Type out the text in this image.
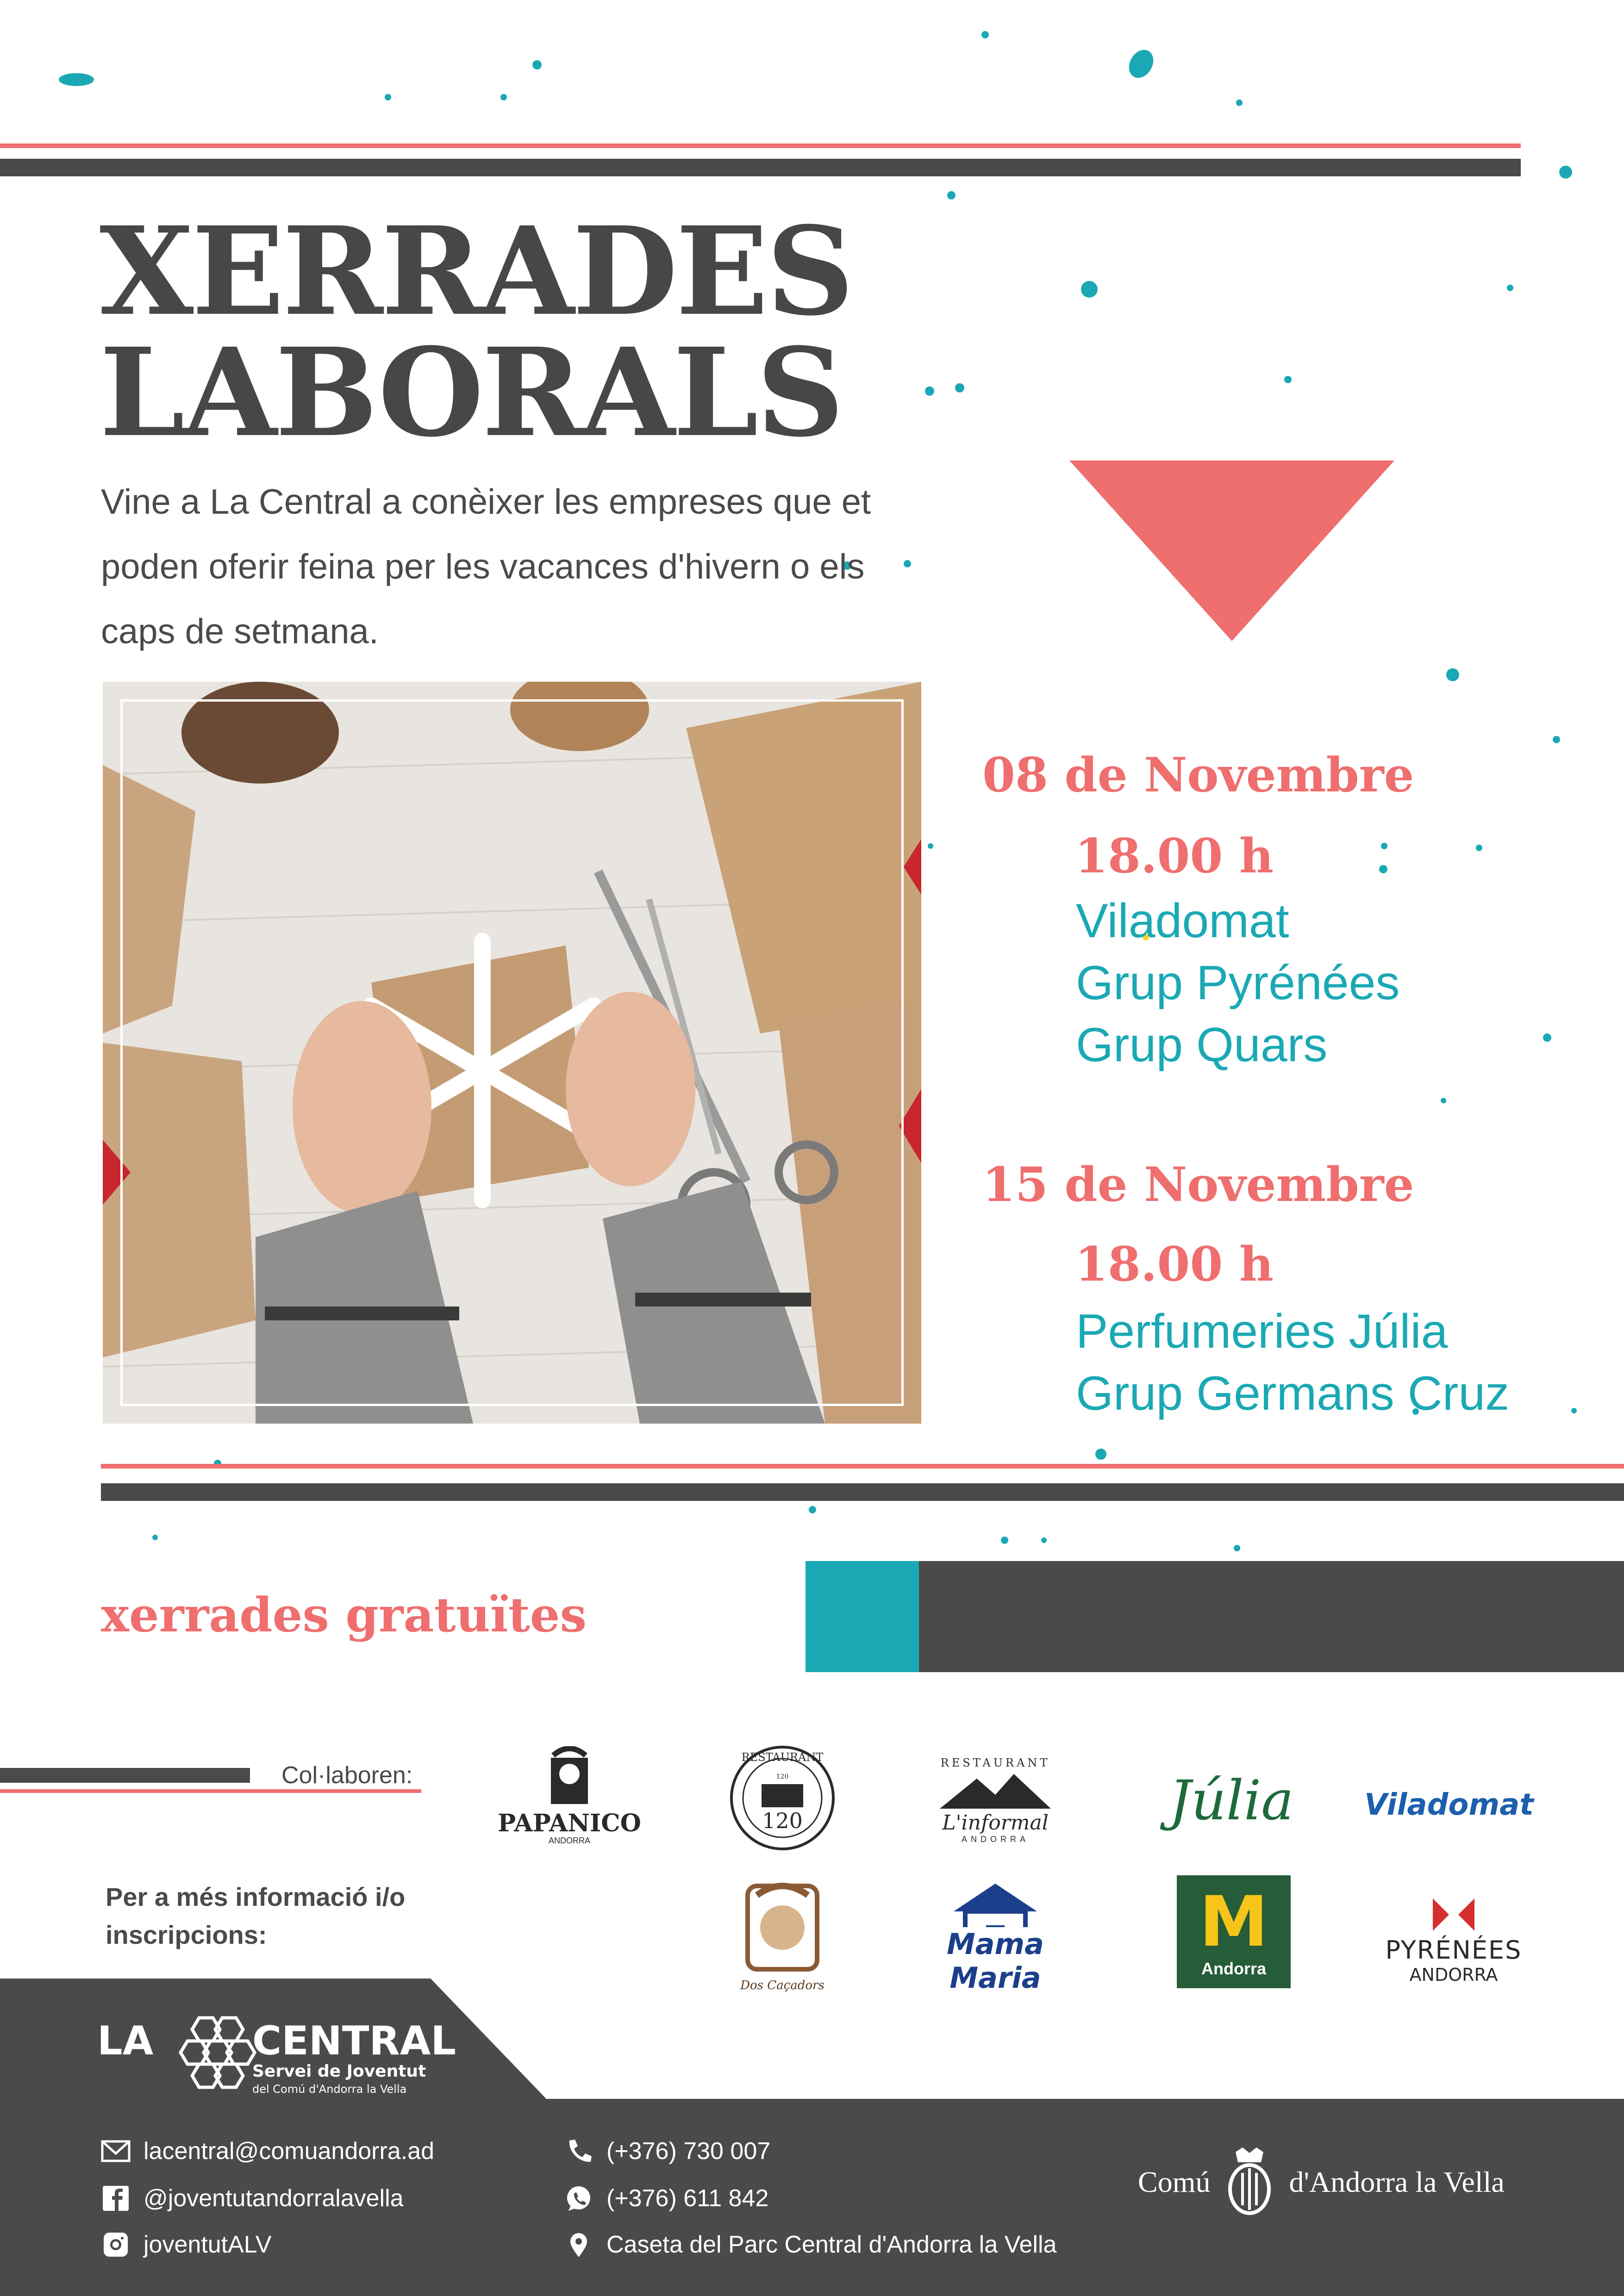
XERRADES
LABORALS
Vine a La Central a conèixer les empreses que et poden oferir feina per les vacances d'hivern o els caps de setmana.
08 de Novembre
18.00 h
Viladomat
Grup Pyrénées
Grup Quars
15 de Novembre
18.00 h
Perfumeries Júlia
Grup Germans Cruz
xerrades gratuïtes
Col·laboren:
Per a més informació i/o
inscripcions:
PAPANICO
ANDORRA
RESTAURANT
120
120
RESTAURANT
L'informal
ANDORRA
Júlia Viladomat
Dos Caçadors
Mama Maria
M
Andorra
PYRÉNÉES
ANDORRA
LA CENTRAL
Servei de Joventut
del Comú d'Andorra la Vella
lacentral@comuandorra.ad
@joventutandorralavella
joventutALV
(+376) 730 007
(+376) 611 842
Caseta del Parc Central d'Andorra la Vella
Comú	d'Andorra la Vella
